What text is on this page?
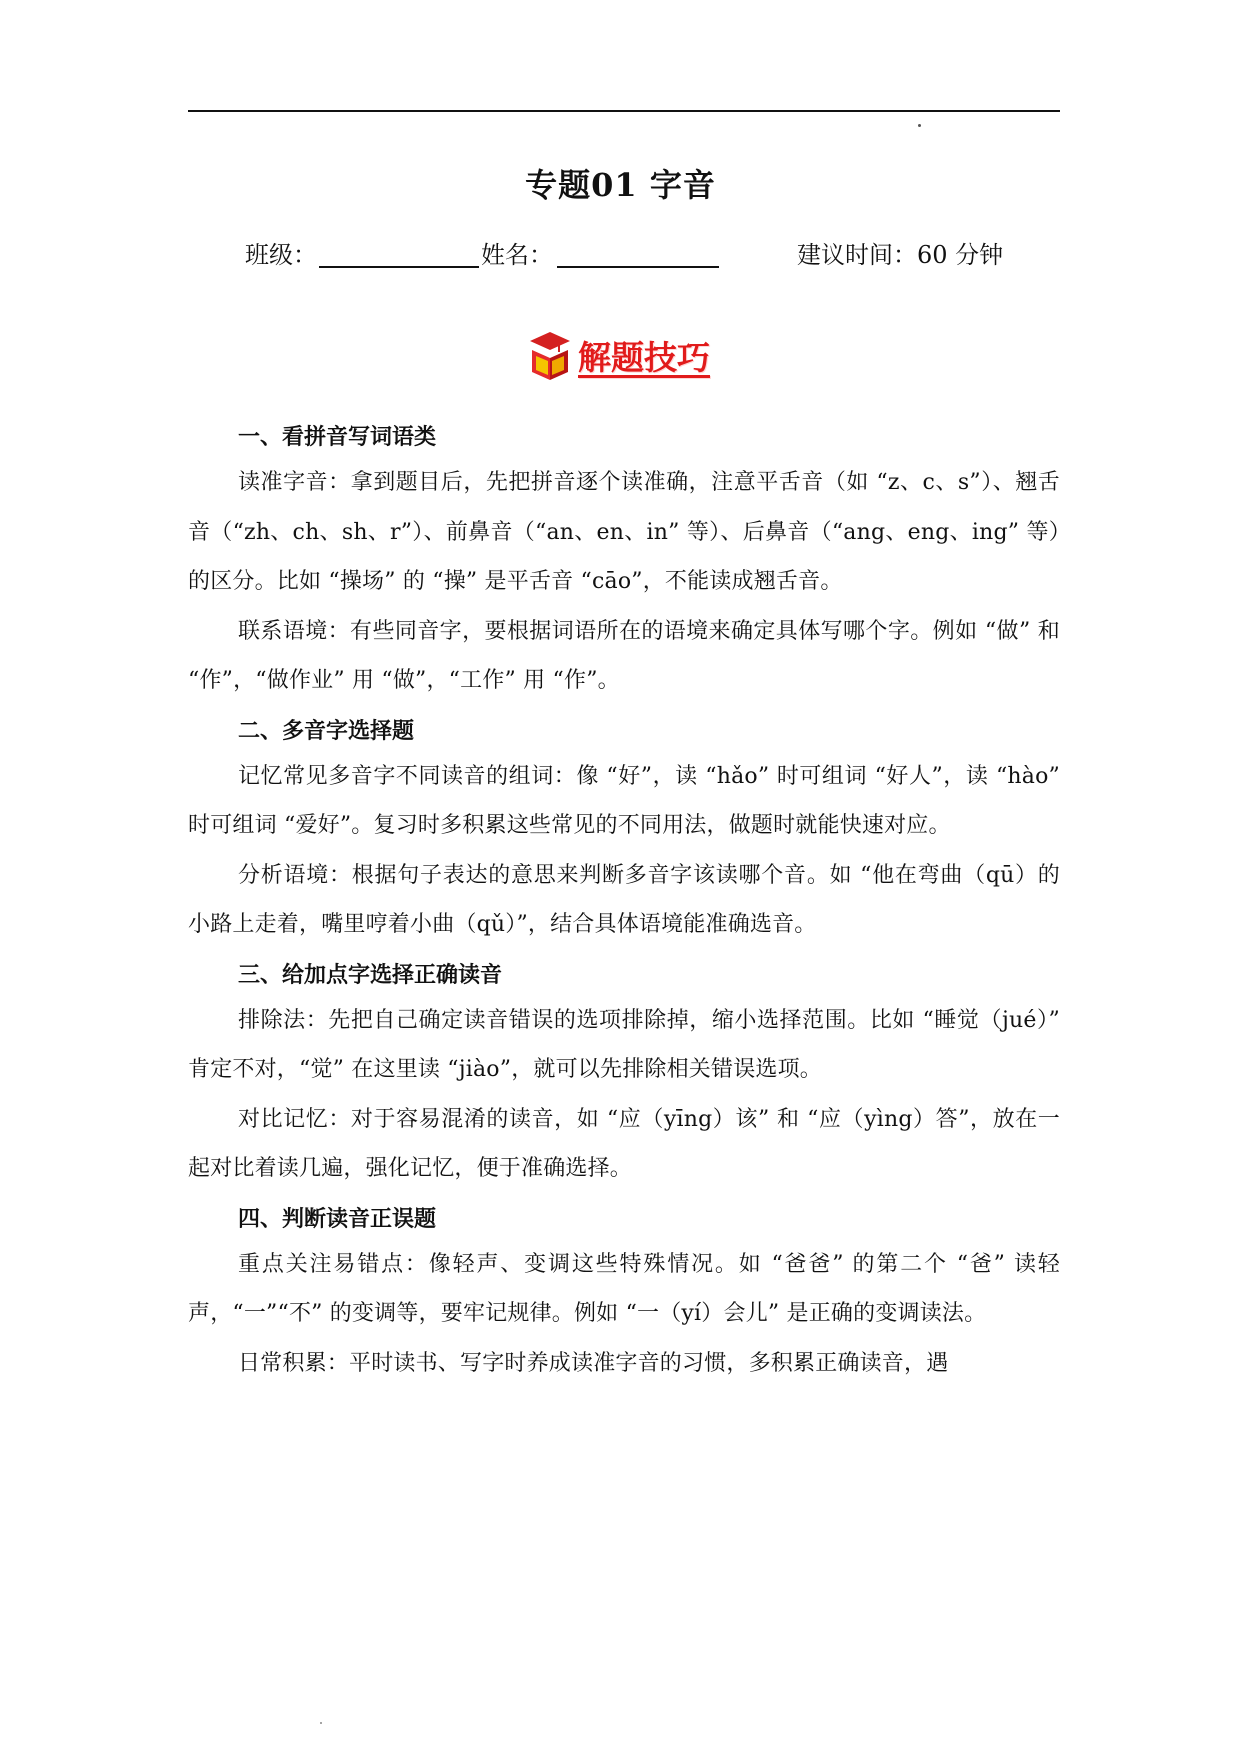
专题01 字音
班级：	姓名：	建议时间：60 分钟
解题技巧
一、看拼音写词语类
读准字音：拿到题目后，先把拼音逐个读准确，注意平舌音（如 “z、c、s”）、翘舌音（“zh、ch、sh、r”）、前鼻音（“an、en、in” 等）、后鼻音（“ang、eng、ing” 等）的区分。比如 “操场” 的 “操” 是平舌音 “cāo”，不能读成翘舌音。
联系语境：有些同音字，要根据词语所在的语境来确定具体写哪个字。例如 “做” 和 “作”，“做作业” 用 “做”，“工作” 用 “作”。
二、多音字选择题
记忆常见多音字不同读音的组词：像 “好”，读 “hǎo” 时可组词 “好人”，读 “hào” 时可组词 “爱好”。复习时多积累这些常见的不同用法，做题时就能快速对应。
分析语境：根据句子表达的意思来判断多音字该读哪个音。如 “他在弯曲（qū）的小路上走着，嘴里哼着小曲（qǔ）”，结合具体语境能准确选音。
三、给加点字选择正确读音
排除法：先把自己确定读音错误的选项排除掉，缩小选择范围。比如 “睡觉（jué）” 肯定不对，“觉” 在这里读 “jiào”，就可以先排除相关错误选项。
对比记忆：对于容易混淆的读音，如 “应（yīng）该” 和 “应（yìng）答”，放在一起对比着读几遍，强化记忆，便于准确选择。
四、判断读音正误题
重点关注易错点：像轻声、变调这些特殊情况。如 “爸爸” 的第二个 “爸” 读轻声，“一”“不” 的变调等，要牢记规律。例如 “一（yí）会儿” 是正确的变调读法。
日常积累：平时读书、写字时养成读准字音的习惯，多积累正确读音，遇
